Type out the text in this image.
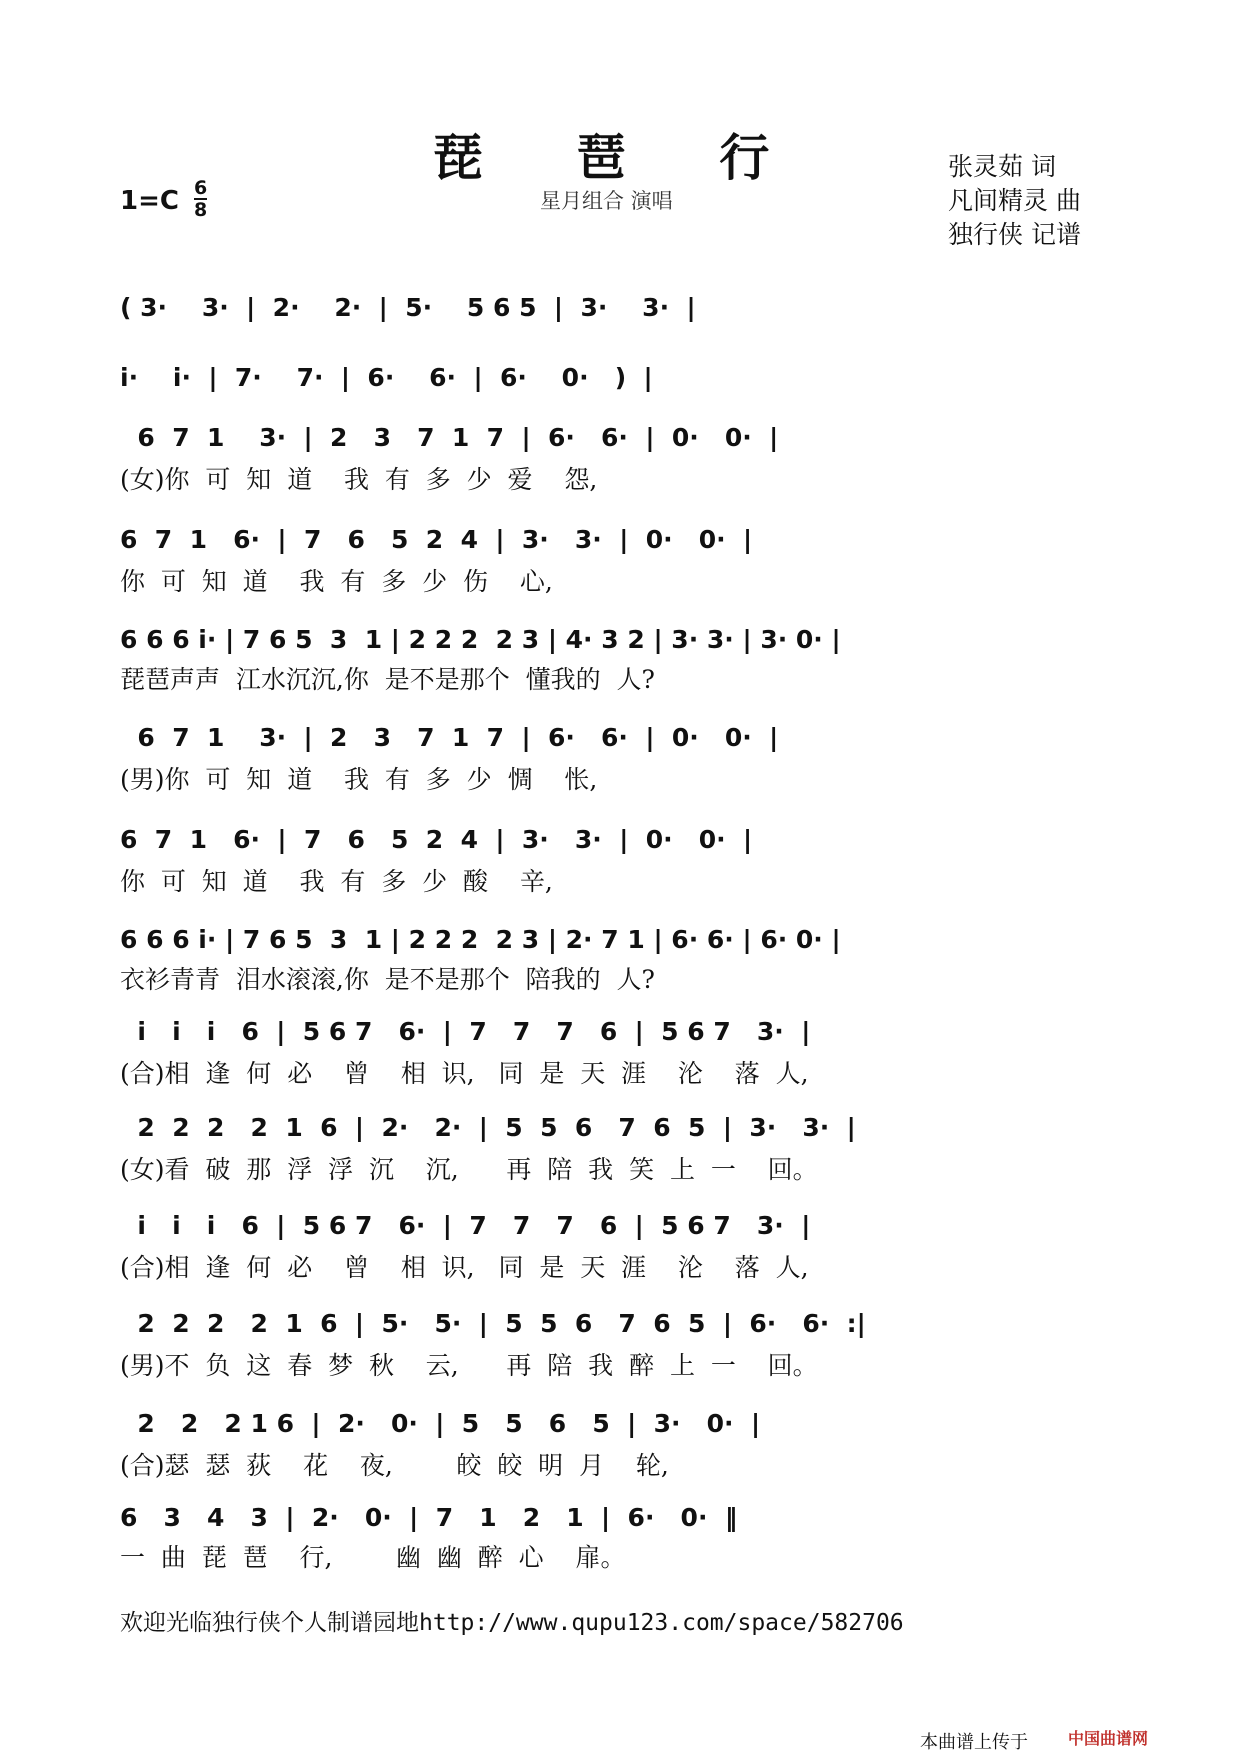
琵 琶 行
星月组合 演唱
张灵茹 词
凡间精灵 曲
独行侠 记谱
1=C 6
8
( 3·    3·  |  2·    2·  |  5·    5 6 5  |  3·    3·  |
i·    i·  |  7·    7·  |  6·    6·  |  6·    0·   )  |
6  7  1    3·  |  2   3   7  1  7  |  6·   6·  |  0·   0·  |
(女)你  可  知  道    我  有  多  少  爱    怨,
6  7  1   6·  |  7   6   5  2  4  |  3·   3·  |  0·   0·  |
你  可  知  道    我  有  多  少  伤    心,
6 6 6 i· | 7 6 5  3  1 | 2 2 2  2 3 | 4· 3 2 | 3· 3· | 3· 0· |
琵琶声声  江水沉沉,你  是不是那个  懂我的  人?
6  7  1    3·  |  2   3   7  1  7  |  6·   6·  |  0·   0·  |
(男)你  可  知  道    我  有  多  少  惆    怅,
6  7  1   6·  |  7   6   5  2  4  |  3·   3·  |  0·   0·  |
你  可  知  道    我  有  多  少  酸    辛,
6 6 6 i· | 7 6 5  3  1 | 2 2 2  2 3 | 2· 7 1 | 6· 6· | 6· 0· |
衣衫青青  泪水滚滚,你  是不是那个  陪我的  人?
i   i   i   6  |  5 6 7   6·  |  7   7   7   6  |  5 6 7   3·  |
(合)相  逢  何  必    曾    相  识,   同  是  天  涯    沦    落  人,
2  2  2   2  1  6  |  2·   2·  |  5  5  6   7  6  5  |  3·   3·  |
(女)看  破  那  浮  浮  沉    沉,      再  陪  我  笑  上  一    回。
i   i   i   6  |  5 6 7   6·  |  7   7   7   6  |  5 6 7   3·  |
(合)相  逢  何  必    曾    相  识,   同  是  天  涯    沦    落  人,
2  2  2   2  1  6  |  5·   5·  |  5  5  6   7  6  5  |  6·   6·  :|
(男)不  负  这  春  梦  秋    云,      再  陪  我  醉  上  一    回。
2   2   2 1 6  |  2·   0·  |  5   5   6   5  |  3·   0·  |
(合)瑟  瑟  荻    花    夜,        皎  皎  明  月    轮,
6   3   4   3  |  2·   0·  |  7   1   2   1  |  6·   0·  ‖
一  曲  琵  琶    行,        幽  幽  醉  心    扉。
欢迎光临独行侠个人制谱园地http://www.qupu123.com/space/582706
本曲谱上传于	中国曲谱网
